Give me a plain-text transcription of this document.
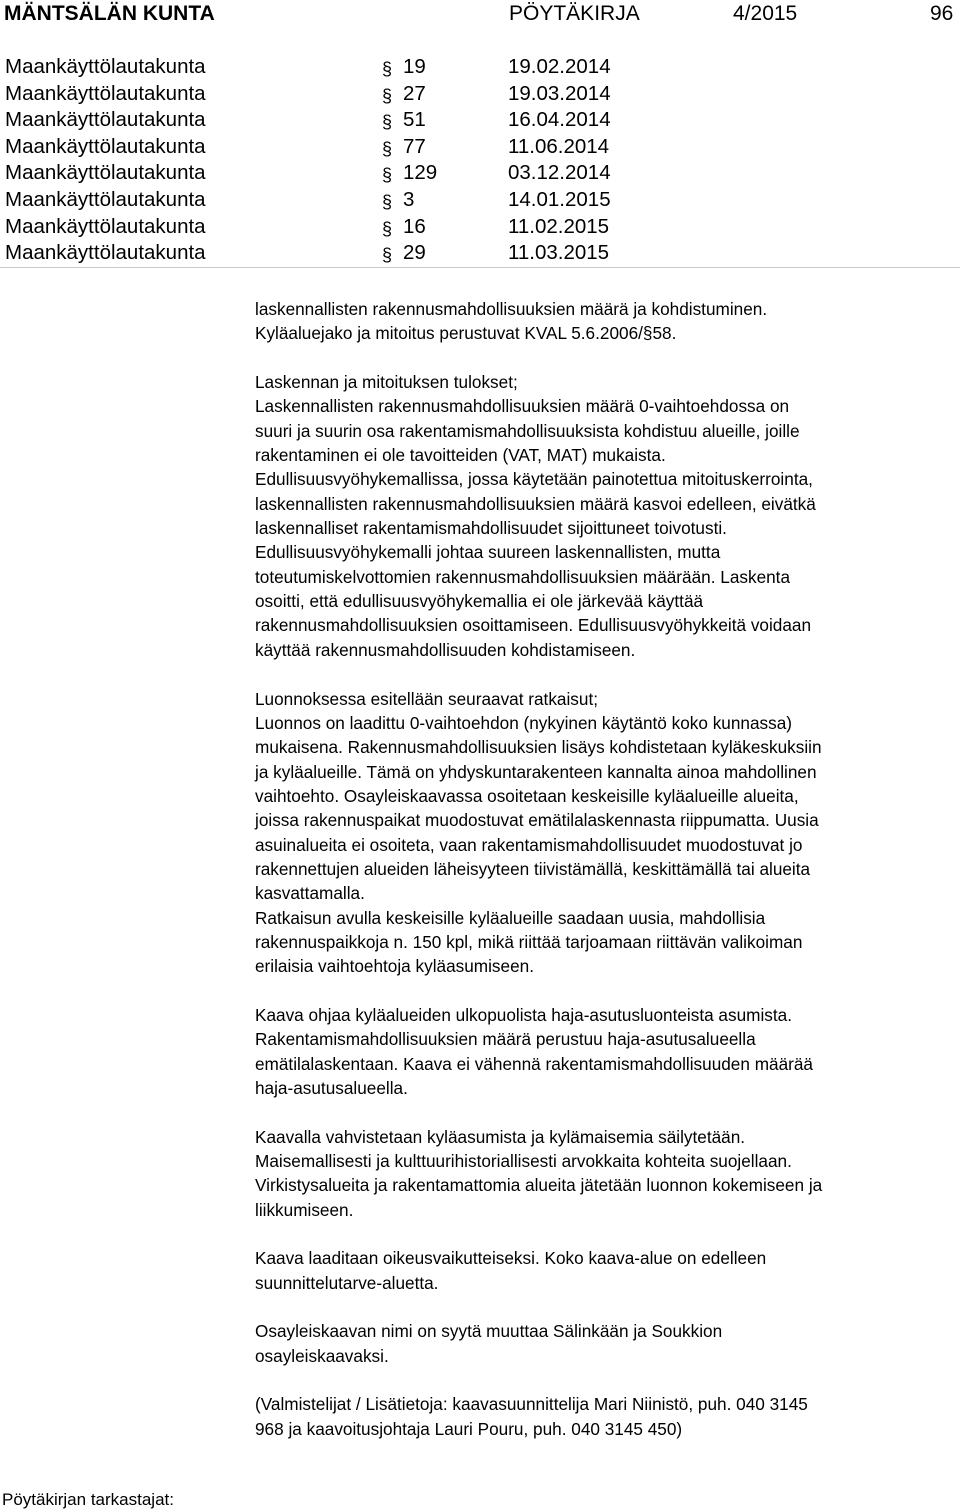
MÄNTSÄLÄN KUNTA	PÖYTÄKIRJA	4/2015	96
Maankäyttölautakunta	§ 19	19.02.2014
Maankäyttölautakunta	§ 27	19.03.2014
Maankäyttölautakunta	§ 51	16.04.2014
Maankäyttölautakunta	§ 77	11.06.2014
Maankäyttölautakunta	§ 129	03.12.2014
Maankäyttölautakunta	§ 3	14.01.2015
Maankäyttölautakunta	§ 16	11.02.2015
Maankäyttölautakunta	§ 29	11.03.2015

laskennallisten rakennusmahdollisuuksien määrä ja kohdistuminen.

Kyläaluejako ja mitoitus perustuvat KVAL 5.6.2006/§58.

Laskennan ja mitoituksen tulokset;

Laskennallisten rakennusmahdollisuuksien määrä 0-vaihtoehdossa on

suuri ja suurin osa rakentamismahdollisuuksista kohdistuu alueille, joille

rakentaminen ei ole tavoitteiden (VAT, MAT) mukaista.

Edullisuusvyöhykemallissa, jossa käytetään painotettua mitoituskerrointa,

laskennallisten rakennusmahdollisuuksien määrä kasvoi edelleen, eivätkä

laskennalliset rakentamismahdollisuudet sijoittuneet toivotusti.

Edullisuusvyöhykemalli johtaa suureen laskennallisten, mutta

toteutumiskelvottomien rakennusmahdollisuuksien määrään. Laskenta

osoitti, että edullisuusvyöhykemallia ei ole järkevää käyttää

rakennusmahdollisuuksien osoittamiseen. Edullisuusvyöhykkeitä voidaan

käyttää rakennusmahdollisuuden kohdistamiseen.

Luonnoksessa esitellään seuraavat ratkaisut;

Luonnos on laadittu 0-vaihtoehdon (nykyinen käytäntö koko kunnassa)

mukaisena. Rakennusmahdollisuuksien lisäys kohdistetaan kyläkeskuksiin

ja kyläalueille. Tämä on yhdyskuntarakenteen kannalta ainoa mahdollinen

vaihtoehto. Osayleiskaavassa osoitetaan keskeisille kyläalueille alueita,

joissa rakennuspaikat muodostuvat emätilalaskennasta riippumatta. Uusia

asuinalueita ei osoiteta, vaan rakentamismahdollisuudet muodostuvat jo

rakennettujen alueiden läheisyyteen tiivistämällä, keskittämällä tai alueita

kasvattamalla.

Ratkaisun avulla keskeisille kyläalueille saadaan uusia, mahdollisia

rakennuspaikkoja n. 150 kpl, mikä riittää tarjoamaan riittävän valikoiman

erilaisia vaihtoehtoja kyläasumiseen.

Kaava ohjaa kyläalueiden ulkopuolista haja-asutusluonteista asumista.

Rakentamismahdollisuuksien määrä perustuu haja-asutusalueella

emätilalaskentaan. Kaava ei vähennä rakentamismahdollisuuden määrää

haja-asutusalueella.

Kaavalla vahvistetaan kyläasumista ja kylämaisemia säilytetään.

Maisemallisesti ja kulttuurihistoriallisesti arvokkaita kohteita suojellaan.

Virkistysalueita ja rakentamattomia alueita jätetään luonnon kokemiseen ja

liikkumiseen.

Kaava laaditaan oikeusvaikutteiseksi. Koko kaava-alue on edelleen

suunnittelutarve-aluetta.

Osayleiskaavan nimi on syytä muuttaa Sälinkään ja Soukkion

osayleiskaavaksi.

(Valmistelijat / Lisätietoja: kaavasuunnittelija Mari Niinistö, puh. 040 3145

968 ja kaavoitusjohtaja Lauri Pouru, puh. 040 3145 450)

Pöytäkirjan tarkastajat:
